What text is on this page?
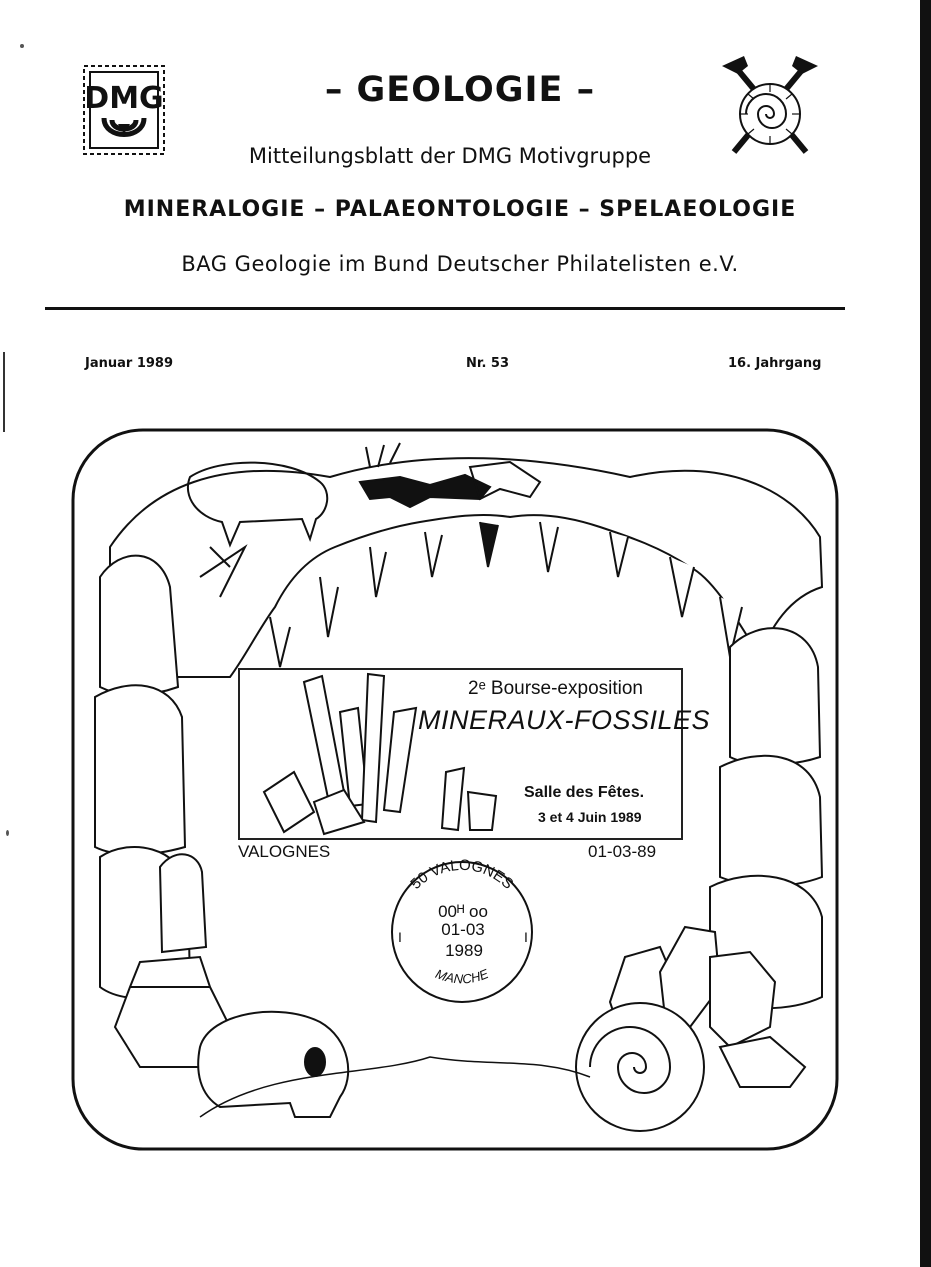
DMG	– GEOLOGIE –

Mitteilungsblatt der DMG Motivgruppe

MINERALOGIE – PALAEONTOLOGIE – SPELAEOLOGIE

BAG Geologie im Bund Deutscher Philatelisten e.V.

Januar 1989	Nr. 53	16. Jahrgang

2ᵉ Bourse-exposition

MINERAUX-FOSSILES

Salle des Fêtes.

3 et 4 Juin 1989

VALOGNES	01-03-89

50 VALOGNES
MANCHE

00ᴴ oo

01-03

1989

I	I
